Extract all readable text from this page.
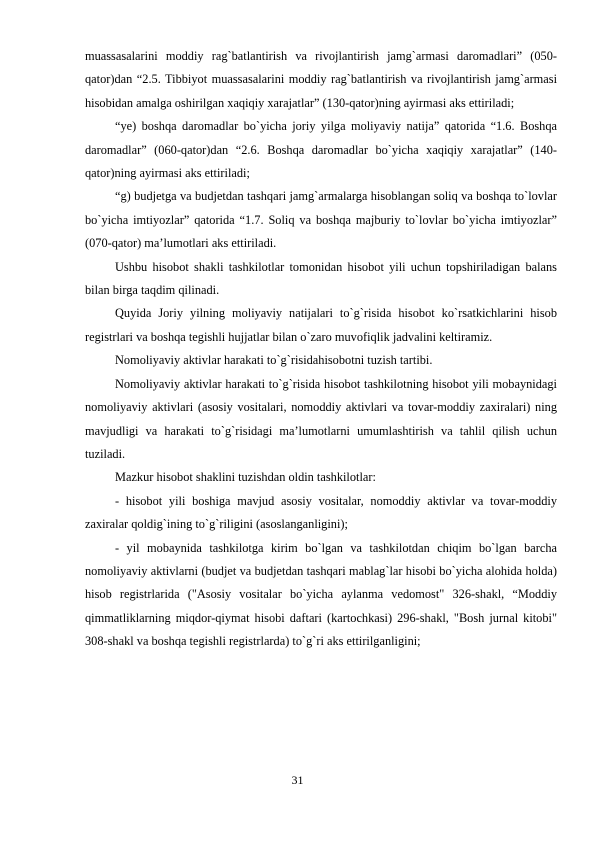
muassasalarini moddiy rag`batlantirish va rivojlantirish jamg`armasi daromadlari” (050-qator)dan “2.5. Tibbiyot muassasalarini moddiy rag`batlantirish va rivojlantirish jamg`armasi hisobidan amalga oshirilgan xaqiqiy xarajatlar” (130-qator)ning ayirmasi aks ettiriladi;

“ye) boshqa daromadlar bo`yicha joriy yilga moliyaviy natija” qatorida “1.6. Boshqa daromadlar” (060-qator)dan “2.6. Boshqa daromadlar bo`yicha xaqiqiy xarajatlar” (140-qator)ning ayirmasi aks ettiriladi;

“g) budjetga va budjetdan tashqari jamg`armalarga hisoblangan soliq va boshqa to`lovlar bo`yicha imtiyozlar” qatorida “1.7. Soliq va boshqa majburiy to`lovlar bo`yicha imtiyozlar” (070-qator) ma’lumotlari aks ettiriladi.

Ushbu hisobot shakli tashkilotlar tomonidan hisobot yili uchun topshiriladigan balans bilan birga taqdim qilinadi.

Quyida Joriy yilning moliyaviy natijalari to`g`risida hisobot ko`rsatkichlarini hisob registrlari va boshqa tegishli hujjatlar bilan o`zaro muvofiqlik jadvalini keltiramiz.

Nomoliyaviy aktivlar harakati to`g`risidahisobotni tuzish tartibi.

Nomoliyaviy aktivlar harakati to`g`risida hisobot tashkilotning hisobot yili mobaynidagi nomoliyaviy aktivlari (asosiy vositalari, nomoddiy aktivlari va tovar-moddiy zaxiralari) ning mavjudligi va harakati to`g`risidagi ma’lumotlarni umumlashtirish va tahlil qilish uchun tuziladi.

Mazkur hisobot shaklini tuzishdan oldin tashkilotlar:

- hisobot yili boshiga mavjud asosiy vositalar, nomoddiy aktivlar va tovar-moddiy zaxiralar qoldig`ining to`g`riligini (asoslanganligini);

- yil mobaynida tashkilotga kirim bo`lgan va tashkilotdan chiqim bo`lgan barcha nomoliyaviy aktivlarni (budjet va budjetdan tashqari mablag`lar hisobi bo`yicha alohida holda) hisob registrlarida ("Asosiy vositalar bo`yicha aylanma vedomost" 326-shakl, “Moddiy qimmatliklarning miqdor-qiymat hisobi daftari (kartochkasi) 296-shakl, "Bosh jurnal kitobi" 308-shakl va boshqa tegishli registrlarda) to`g`ri aks ettirilganligini;

31
